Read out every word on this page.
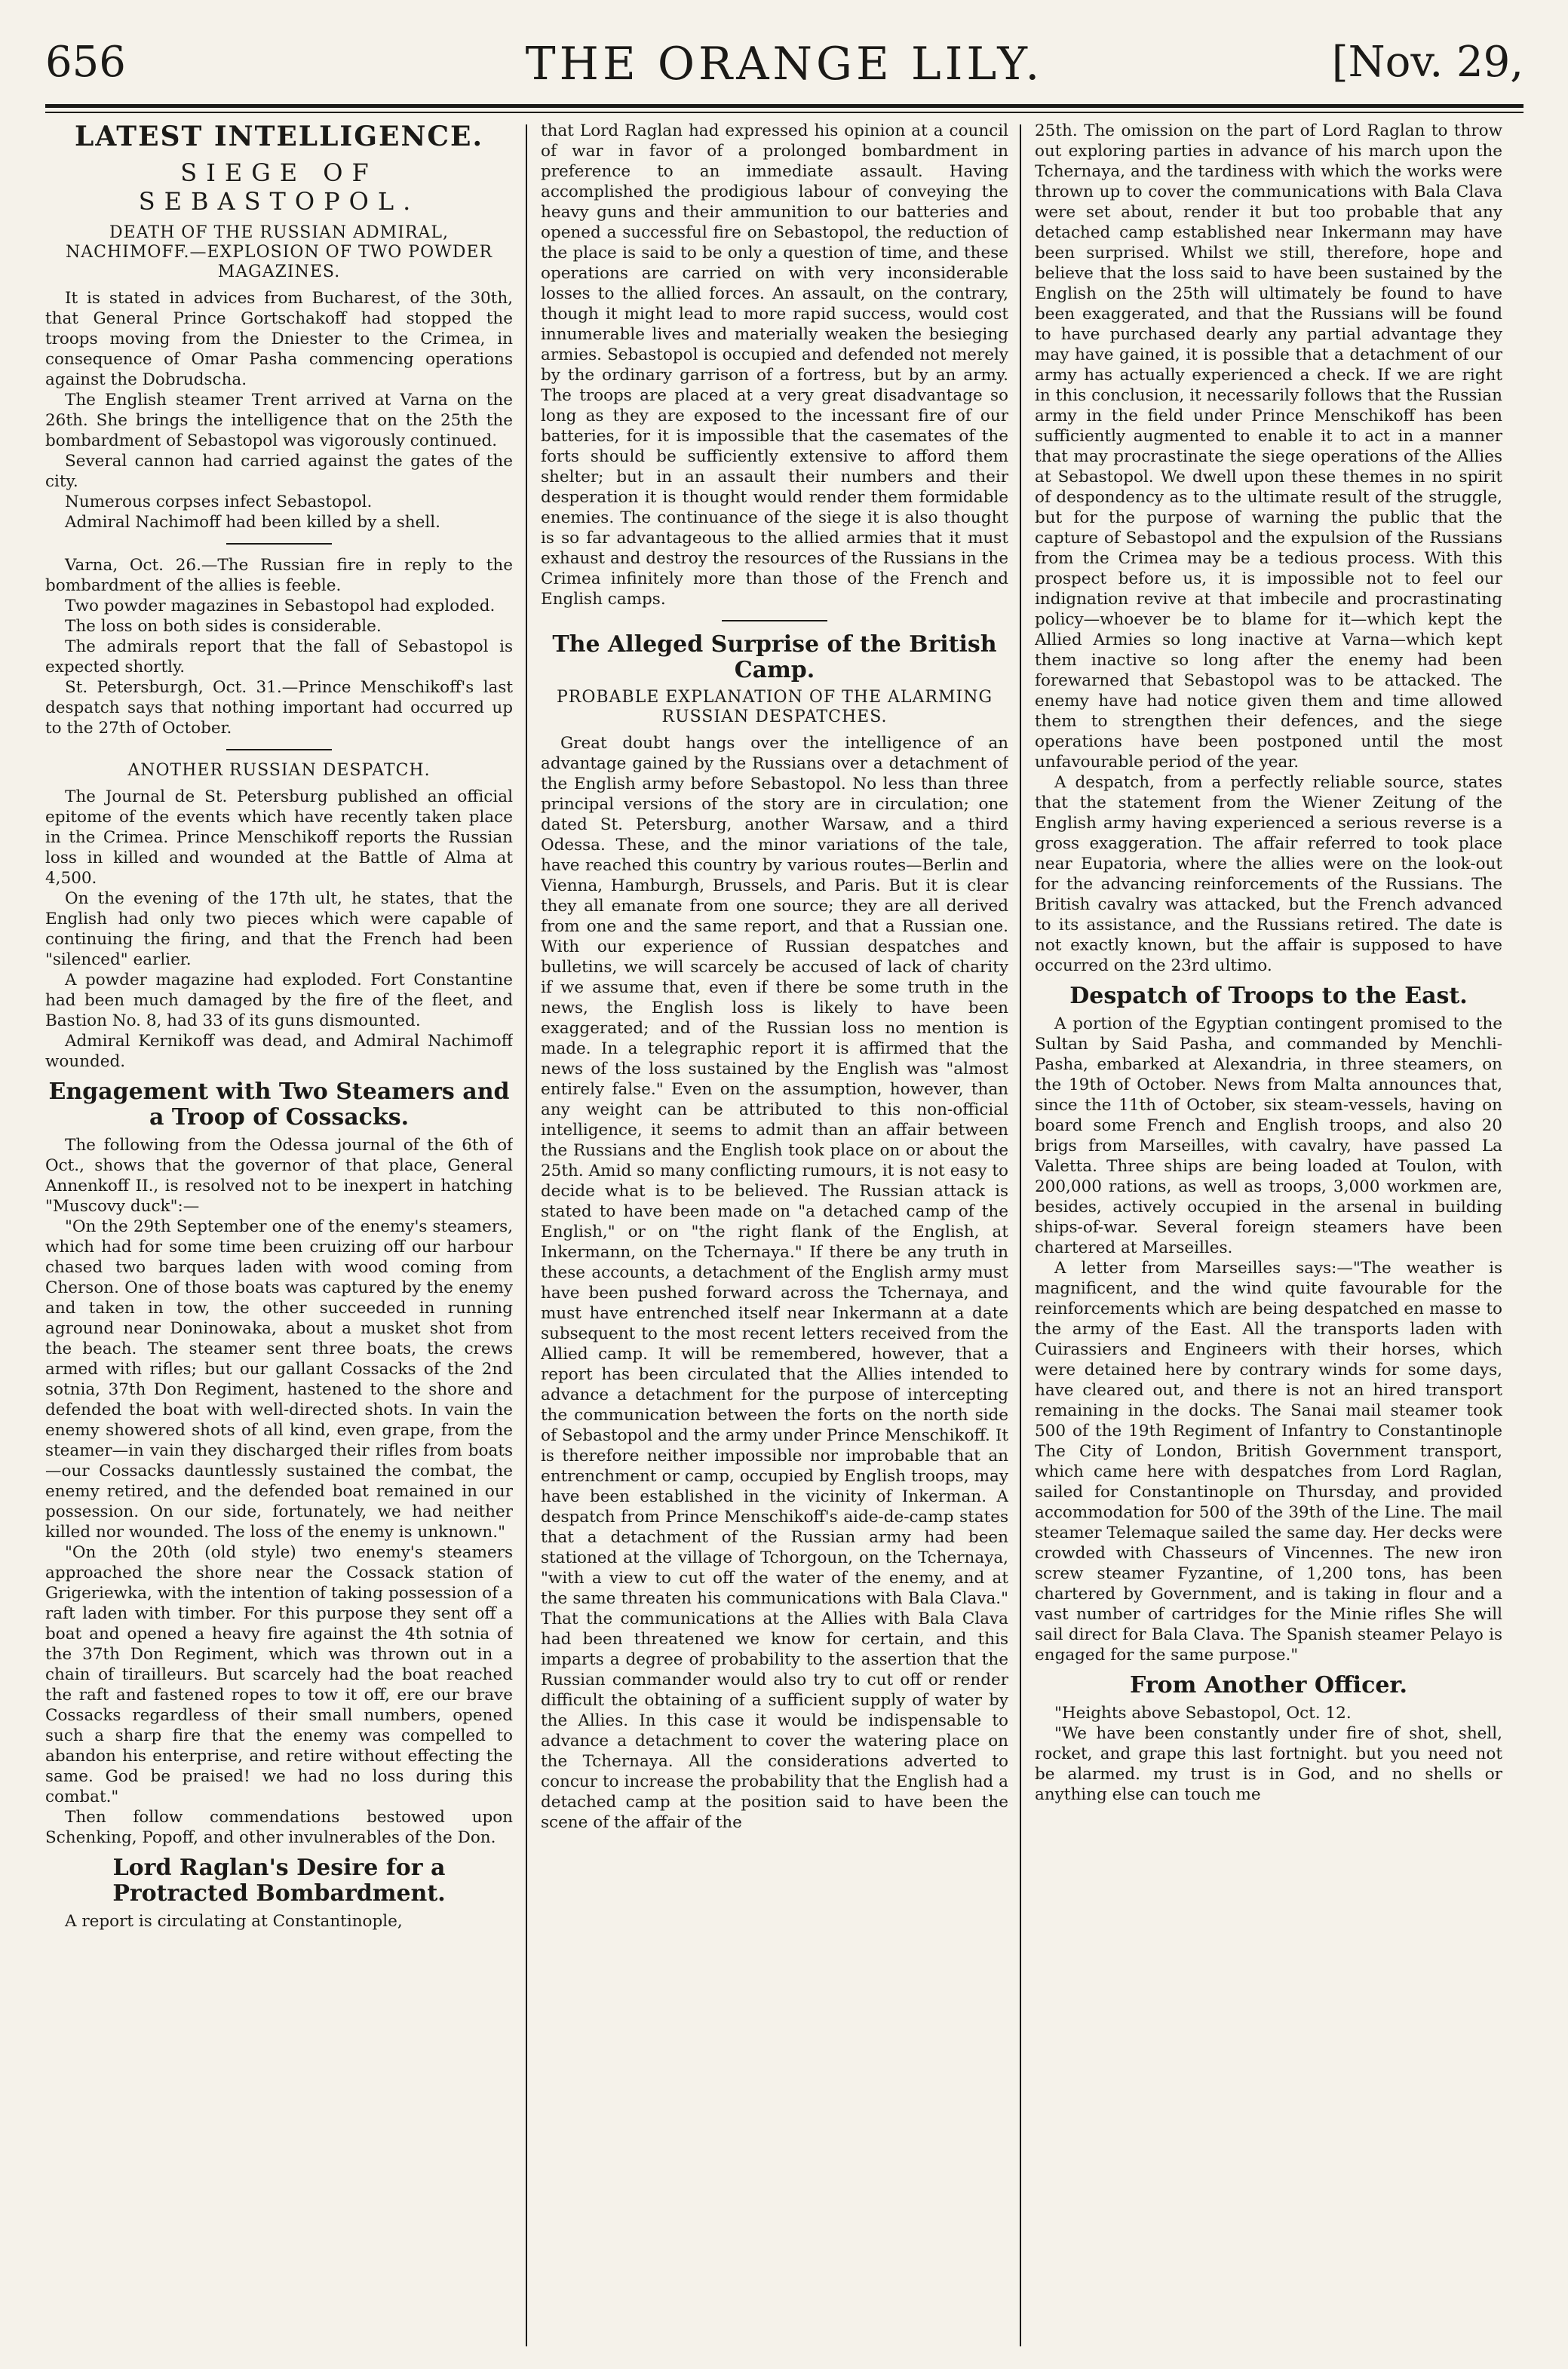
THE ORANGE LILY.
656	[Nov. 29,
LATEST INTELLIGENCE.
SIEGE OF SEBASTOPOL.
DEATH OF THE RUSSIAN ADMIRAL, NACHIMOFF.—EXPLOSION OF TWO POWDER MAGAZINES.

It is stated in advices from Bucharest, of the 30th, that General Prince Gortschakoff had stopped the troops moving from the Dniester to the Crimea, in consequence of Omar Pasha commencing operations against the Dobrudscha.

The English steamer Trent arrived at Varna on the 26th. She brings the intelligence that on the 25th the bombardment of Sebastopol was vigorously continued.

Several cannon had carried against the gates of the city.

Numerous corpses infect Sebastopol.

Admiral Nachimoff had been killed by a shell.

Varna, Oct. 26.—The Russian fire in reply to the bombardment of the allies is feeble.

Two powder magazines in Sebastopol had exploded.

The loss on both sides is considerable.

The admirals report that the fall of Sebastopol is expected shortly.

St. Petersburgh, Oct. 31.—Prince Menschikoff's last despatch says that nothing important had occurred up to the 27th of October.

ANOTHER RUSSIAN DESPATCH.

The Journal de St. Petersburg published an official epitome of the events which have recently taken place in the Crimea. Prince Menschikoff reports the Russian loss in killed and wounded at the Battle of Alma at 4,500.

On the evening of the 17th ult, he states, that the English had only two pieces which were capable of continuing the firing, and that the French had been "silenced" earlier.

A powder magazine had exploded. Fort Constantine had been much damaged by the fire of the fleet, and Bastion No. 8, had 33 of its guns dismounted.

Admiral Kernikoff was dead, and Admiral Nachimoff wounded.

Engagement with Two Steamers and a Troop of Cossacks.

The following from the Odessa journal of the 6th of Oct., shows that the governor of that place, General Annenkoff II., is resolved not to be inexpert in hatching "Muscovy duck":—

"On the 29th September one of the enemy's steamers, which had for some time been cruizing off our harbour chased two barques laden with wood coming from Cherson. One of those boats was captured by the enemy and taken in tow, the other succeeded in running aground near Doninowaka, about a musket shot from the beach. The steamer sent three boats, the crews armed with rifles; but our gallant Cossacks of the 2nd sotnia, 37th Don Regiment, hastened to the shore and defended the boat with well-directed shots. In vain the enemy showered shots of all kind, even grape, from the steamer—in vain they discharged their rifles from boats—our Cossacks dauntlessly sustained the combat, the enemy retired, and the defended boat remained in our possession. On our side, fortunately, we had neither killed nor wounded. The loss of the enemy is unknown."

"On the 20th (old style) two enemy's steamers approached the shore near the Cossack station of Grigeriewka, with the intention of taking possession of a raft laden with timber. For this purpose they sent off a boat and opened a heavy fire against the 4th sotnia of the 37th Don Regiment, which was thrown out in a chain of tirailleurs. But scarcely had the boat reached the raft and fastened ropes to tow it off, ere our brave Cossacks regardless of their small numbers, opened such a sharp fire that the enemy was compelled to abandon his enterprise, and retire without effecting the same. God be praised! we had no loss during this combat."

Then follow commendations bestowed upon Schenking, Popoff, and other invulnerables of the Don.

Lord Raglan's Desire for a Protracted Bombardment.

A report is circulating at Constantinople,

that Lord Raglan had expressed his opinion at a council of war in favor of a prolonged bombardment in preference to an immediate assault. Having accomplished the prodigious labour of conveying the heavy guns and their ammunition to our batteries and opened a successful fire on Sebastopol, the reduction of the place is said to be only a question of time, and these operations are carried on with very inconsiderable losses to the allied forces. An assault, on the contrary, though it might lead to more rapid success, would cost innumerable lives and materially weaken the besieging armies. Sebastopol is occupied and defended not merely by the ordinary garrison of a fortress, but by an army. The troops are placed at a very great disadvantage so long as they are exposed to the incessant fire of our batteries, for it is impossible that the casemates of the forts should be sufficiently extensive to afford them shelter; but in an assault their numbers and their desperation it is thought would render them formidable enemies. The continuance of the siege it is also thought is so far advantageous to the allied armies that it must exhaust and destroy the resources of the Russians in the Crimea infinitely more than those of the French and English camps.

The Alleged Surprise of the British Camp.
PROBABLE EXPLANATION OF THE ALARMING RUSSIAN DESPATCHES.

Great doubt hangs over the intelligence of an advantage gained by the Russians over a detachment of the English army before Sebastopol. No less than three principal versions of the story are in circulation; one dated St. Petersburg, another Warsaw, and a third Odessa. These, and the minor variations of the tale, have reached this country by various routes—Berlin and Vienna, Hamburgh, Brussels, and Paris. But it is clear they all emanate from one source; they are all derived from one and the same report, and that a Russian one. With our experience of Russian despatches and bulletins, we will scarcely be accused of lack of charity if we assume that, even if there be some truth in the news, the English loss is likely to have been exaggerated; and of the Russian loss no mention is made. In a telegraphic report it is affirmed that the news of the loss sustained by the English was "almost entirely false." Even on the assumption, however, than any weight can be attributed to this non-official intelligence, it seems to admit than an affair between the Russians and the English took place on or about the 25th. Amid so many conflicting rumours, it is not easy to decide what is to be believed. The Russian attack is stated to have been made on "a detached camp of the English," or on "the right flank of the English, at Inkermann, on the Tchernaya." If there be any truth in these accounts, a detachment of the English army must have been pushed forward across the Tchernaya, and must have entrenched itself near Inkermann at a date subsequent to the most recent letters received from the Allied camp. It will be remembered, however, that a report has been circulated that the Allies intended to advance a detachment for the purpose of intercepting the communication between the forts on the north side of Sebastopol and the army under Prince Menschikoff. It is therefore neither impossible nor improbable that an entrenchment or camp, occupied by English troops, may have been established in the vicinity of Inkerman. A despatch from Prince Menschikoff's aide-de-camp states that a detachment of the Russian army had been stationed at the village of Tchorgoun, on the Tchernaya, "with a view to cut off the water of the enemy, and at the same threaten his communications with Bala Clava." That the communications at the Allies with Bala Clava had been threatened we know for certain, and this imparts a degree of probability to the assertion that the Russian commander would also try to cut off or render difficult the obtaining of a sufficient supply of water by the Allies. In this case it would be indispensable to advance a detachment to cover the watering place on the Tchernaya. All the considerations adverted to concur to increase the probability that the English had a detached camp at the position said to have been the scene of the affair of the

25th. The omission on the part of Lord Raglan to throw out exploring parties in advance of his march upon the Tchernaya, and the tardiness with which the works were thrown up to cover the communications with Bala Clava were set about, render it but too probable that any detached camp established near Inkermann may have been surprised. Whilst we still, therefore, hope and believe that the loss said to have been sustained by the English on the 25th will ultimately be found to have been exaggerated, and that the Russians will be found to have purchased dearly any partial advantage they may have gained, it is possible that a detachment of our army has actually experienced a check. If we are right in this conclusion, it necessarily follows that the Russian army in the field under Prince Menschikoff has been sufficiently augmented to enable it to act in a manner that may procrastinate the siege operations of the Allies at Sebastopol. We dwell upon these themes in no spirit of despondency as to the ultimate result of the struggle, but for the purpose of warning the public that the capture of Sebastopol and the expulsion of the Russians from the Crimea may be a tedious process. With this prospect before us, it is impossible not to feel our indignation revive at that imbecile and procrastinating policy—whoever be to blame for it—which kept the Allied Armies so long inactive at Varna—which kept them inactive so long after the enemy had been forewarned that Sebastopol was to be attacked. The enemy have had notice given them and time allowed them to strengthen their defences, and the siege operations have been postponed until the most unfavourable period of the year.

A despatch, from a perfectly reliable source, states that the statement from the Wiener Zeitung of the English army having experienced a serious reverse is a gross exaggeration. The affair referred to took place near Eupatoria, where the allies were on the look-out for the advancing reinforcements of the Russians. The British cavalry was attacked, but the French advanced to its assistance, and the Russians retired. The date is not exactly known, but the affair is supposed to have occurred on the 23rd ultimo.

Despatch of Troops to the East.

A portion of the Egyptian contingent promised to the Sultan by Said Pasha, and commanded by Menchli-Pasha, embarked at Alexandria, in three steamers, on the 19th of October. News from Malta announces that, since the 11th of October, six steam-vessels, having on board some French and English troops, and also 20 brigs from Marseilles, with cavalry, have passed La Valetta. Three ships are being loaded at Toulon, with 200,000 rations, as well as troops, 3,000 workmen are, besides, actively occupied in the arsenal in building ships-of-war. Several foreign steamers have been chartered at Marseilles.

A letter from Marseilles says:—"The weather is magnificent, and the wind quite favourable for the reinforcements which are being despatched en masse to the army of the East. All the transports laden with Cuirassiers and Engineers with their horses, which were detained here by contrary winds for some days, have cleared out, and there is not an hired transport remaining in the docks. The Sanai mail steamer took 500 of the 19th Regiment of Infantry to Constantinople The City of London, British Government transport, which came here with despatches from Lord Raglan, sailed for Constantinople on Thursday, and provided accommodation for 500 of the 39th of the Line. The mail steamer Telemaque sailed the same day. Her decks were crowded with Chasseurs of Vincennes. The new iron screw steamer Fyzantine, of 1,200 tons, has been chartered by Government, and is taking in flour and a vast number of cartridges for the Minie rifles She will sail direct for Bala Clava. The Spanish steamer Pelayo is engaged for the same purpose."

From Another Officer.

"Heights above Sebastopol, Oct. 12.

"We have been constantly under fire of shot, shell, rocket, and grape this last fortnight. but you need not be alarmed. my trust is in God, and no shells or anything else can touch me
